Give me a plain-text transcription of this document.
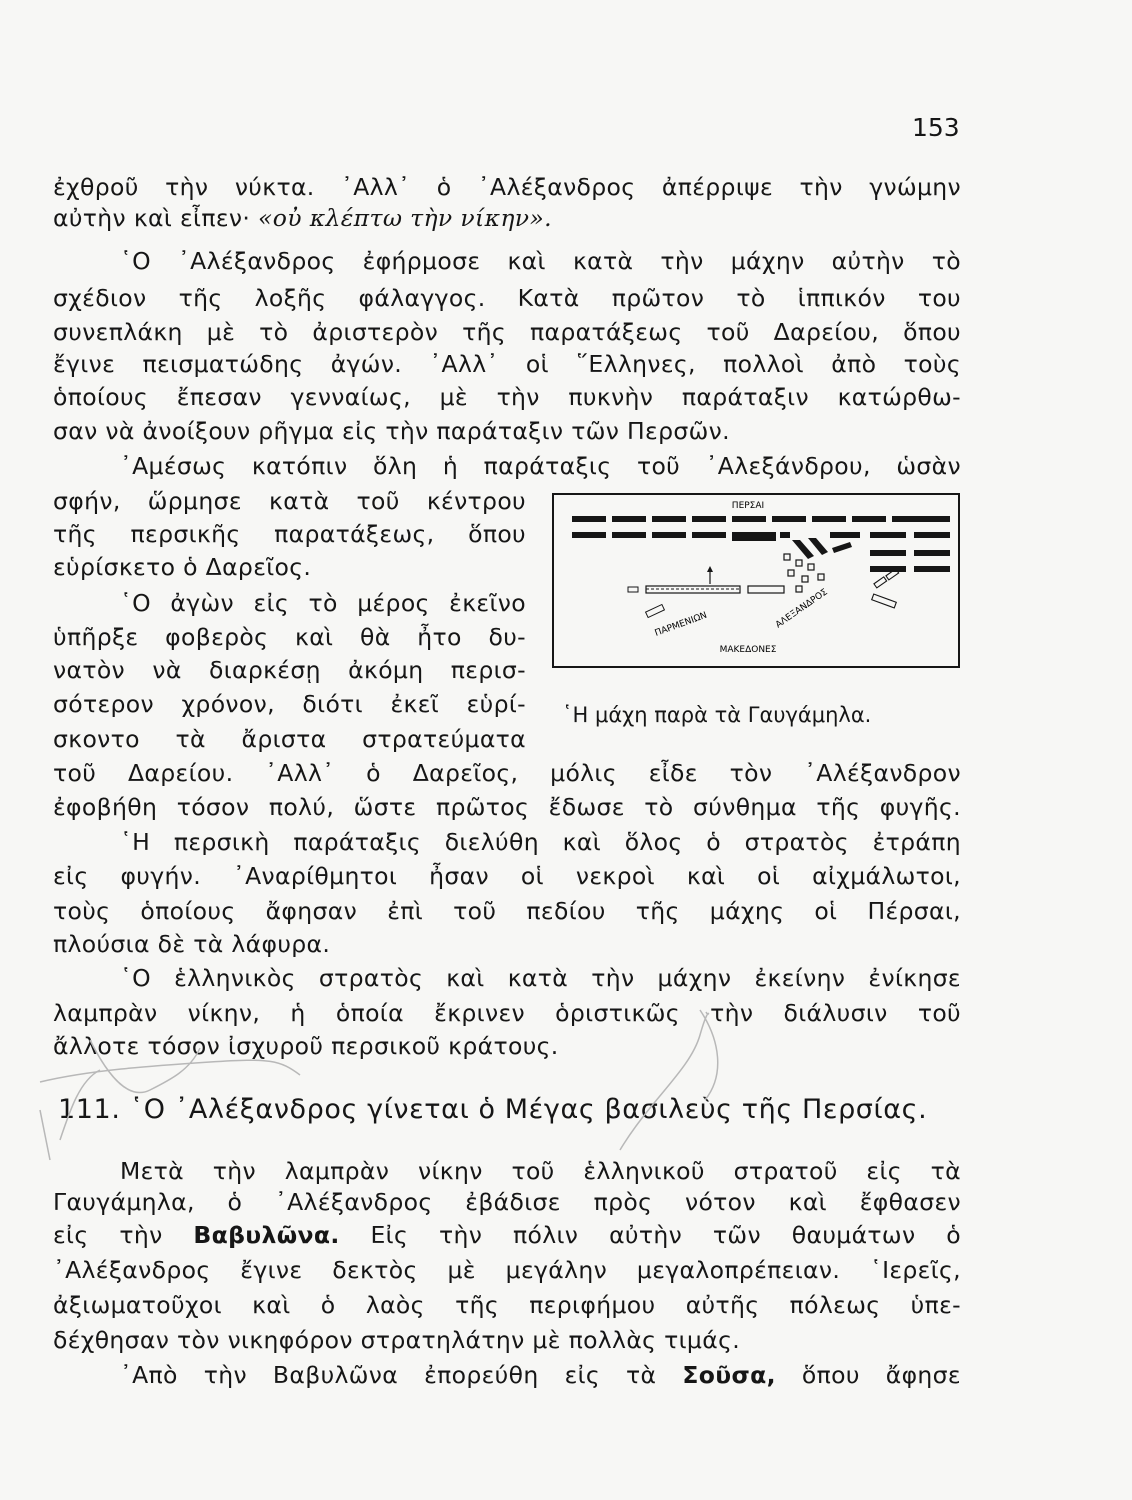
153
ἐχθροῦ τὴν νύκτα. ᾿Αλλ᾿ ὁ ᾿Αλέξανδρος ἀπέρριψε τὴν γνώμην
αὐτὴν καὶ εἶπεν· «οὐ κλέπτω τὴν νίκην».
῾Ο ᾿Αλέξανδρος ἐφήρμοσε καὶ κατὰ τὴν μάχην αὐτὴν τὸ
σχέδιον τῆς λοξῆς φάλαγγος. Κατὰ πρῶτον τὸ ἱππικόν του
συνεπλάκη μὲ τὸ ἀριστερὸν τῆς παρατάξεως τοῦ Δαρείου, ὅπου
ἔγινε πεισματώδης ἀγών. ᾿Αλλ᾿ οἱ ῞Ελληνες, πολλοὶ ἀπὸ τοὺς
ὁποίους ἔπεσαν γενναίως, μὲ τὴν πυκνὴν παράταξιν κατώρθω-
σαν νὰ ἀνοίξουν ρῆγμα εἰς τὴν παράταξιν τῶν Περσῶν.
᾿Αμέσως κατόπιν ὅλη ἡ παράταξις τοῦ ᾿Αλεξάνδρου, ὡσὰν
σφήν, ὥρμησε κατὰ τοῦ κέντρου
τῆς περσικῆς παρατάξεως, ὅπου
εὑρίσκετο ὁ Δαρεῖος.
῾Ο ἀγὼν εἰς τὸ μέρος ἐκεῖνο
ὑπῆρξε φοβερὸς καὶ θὰ ἦτο δυ-
νατὸν νὰ διαρκέσῃ ἀκόμη περισ-
σότερον χρόνον, διότι ἐκεῖ εὑρί-
σκοντο τὰ ἄριστα στρατεύματα
τοῦ Δαρείου. ᾿Αλλ᾿ ὁ Δαρεῖος, μόλις εἶδε τὸν ᾿Αλέξανδρον
ἐφοβήθη τόσον πολύ, ὥστε πρῶτος ἔδωσε τὸ σύνθημα τῆς φυγῆς.
῾Η περσικὴ παράταξις διελύθη καὶ ὅλος ὁ στρατὸς ἐτράπη
εἰς φυγήν. ᾿Αναρίθμητοι ἦσαν οἱ νεκροὶ καὶ οἱ αἰχμάλωτοι,
τοὺς ὁποίους ἄφησαν ἐπὶ τοῦ πεδίου τῆς μάχης οἱ Πέρσαι,
πλούσια δὲ τὰ λάφυρα.
῾Ο ἑλληνικὸς στρατὸς καὶ κατὰ τὴν μάχην ἐκείνην ἐνίκησε
λαμπρὰν νίκην, ἡ ὁποία ἔκρινεν ὁριστικῶς τὴν διάλυσιν τοῦ
ἄλλοτε τόσον ἰσχυροῦ περσικοῦ κράτους.
111. ῾Ο ᾿Αλέξανδρος γίνεται ὁ Μέγας βασιλεὺς τῆς Περσίας.
Μετὰ τὴν λαμπρὰν νίκην τοῦ ἑλληνικοῦ στρατοῦ εἰς τὰ
Γαυγάμηλα, ὁ ᾿Αλέξανδρος ἐβάδισε πρὸς νότον καὶ ἔφθασεν
εἰς τὴν Βαβυλῶνα. Εἰς τὴν πόλιν αὐτὴν τῶν θαυμάτων ὁ
᾿Αλέξανδρος ἔγινε δεκτὸς μὲ μεγάλην μεγαλοπρέπειαν. ῾Ιερεῖς,
ἀξιωματοῦχοι καὶ ὁ λαὸς τῆς περιφήμου αὐτῆς πόλεως ὑπε-
δέχθησαν τὸν νικηφόρον στρατηλάτην μὲ πολλὰς τιμάς.
᾿Απὸ τὴν Βαβυλῶνα ἐπορεύθη εἰς τὰ Σοῦσα, ὅπου ἄφησε
ΠΕΡΣΑΙ
ΠΑΡΜΕΝΙΩΝ	ΑΛΕΞΑΝΔΡΟΣ
ΜΑΚΕΔΟΝΕΣ
῾Η μάχη παρὰ τὰ Γαυγάμηλα.
